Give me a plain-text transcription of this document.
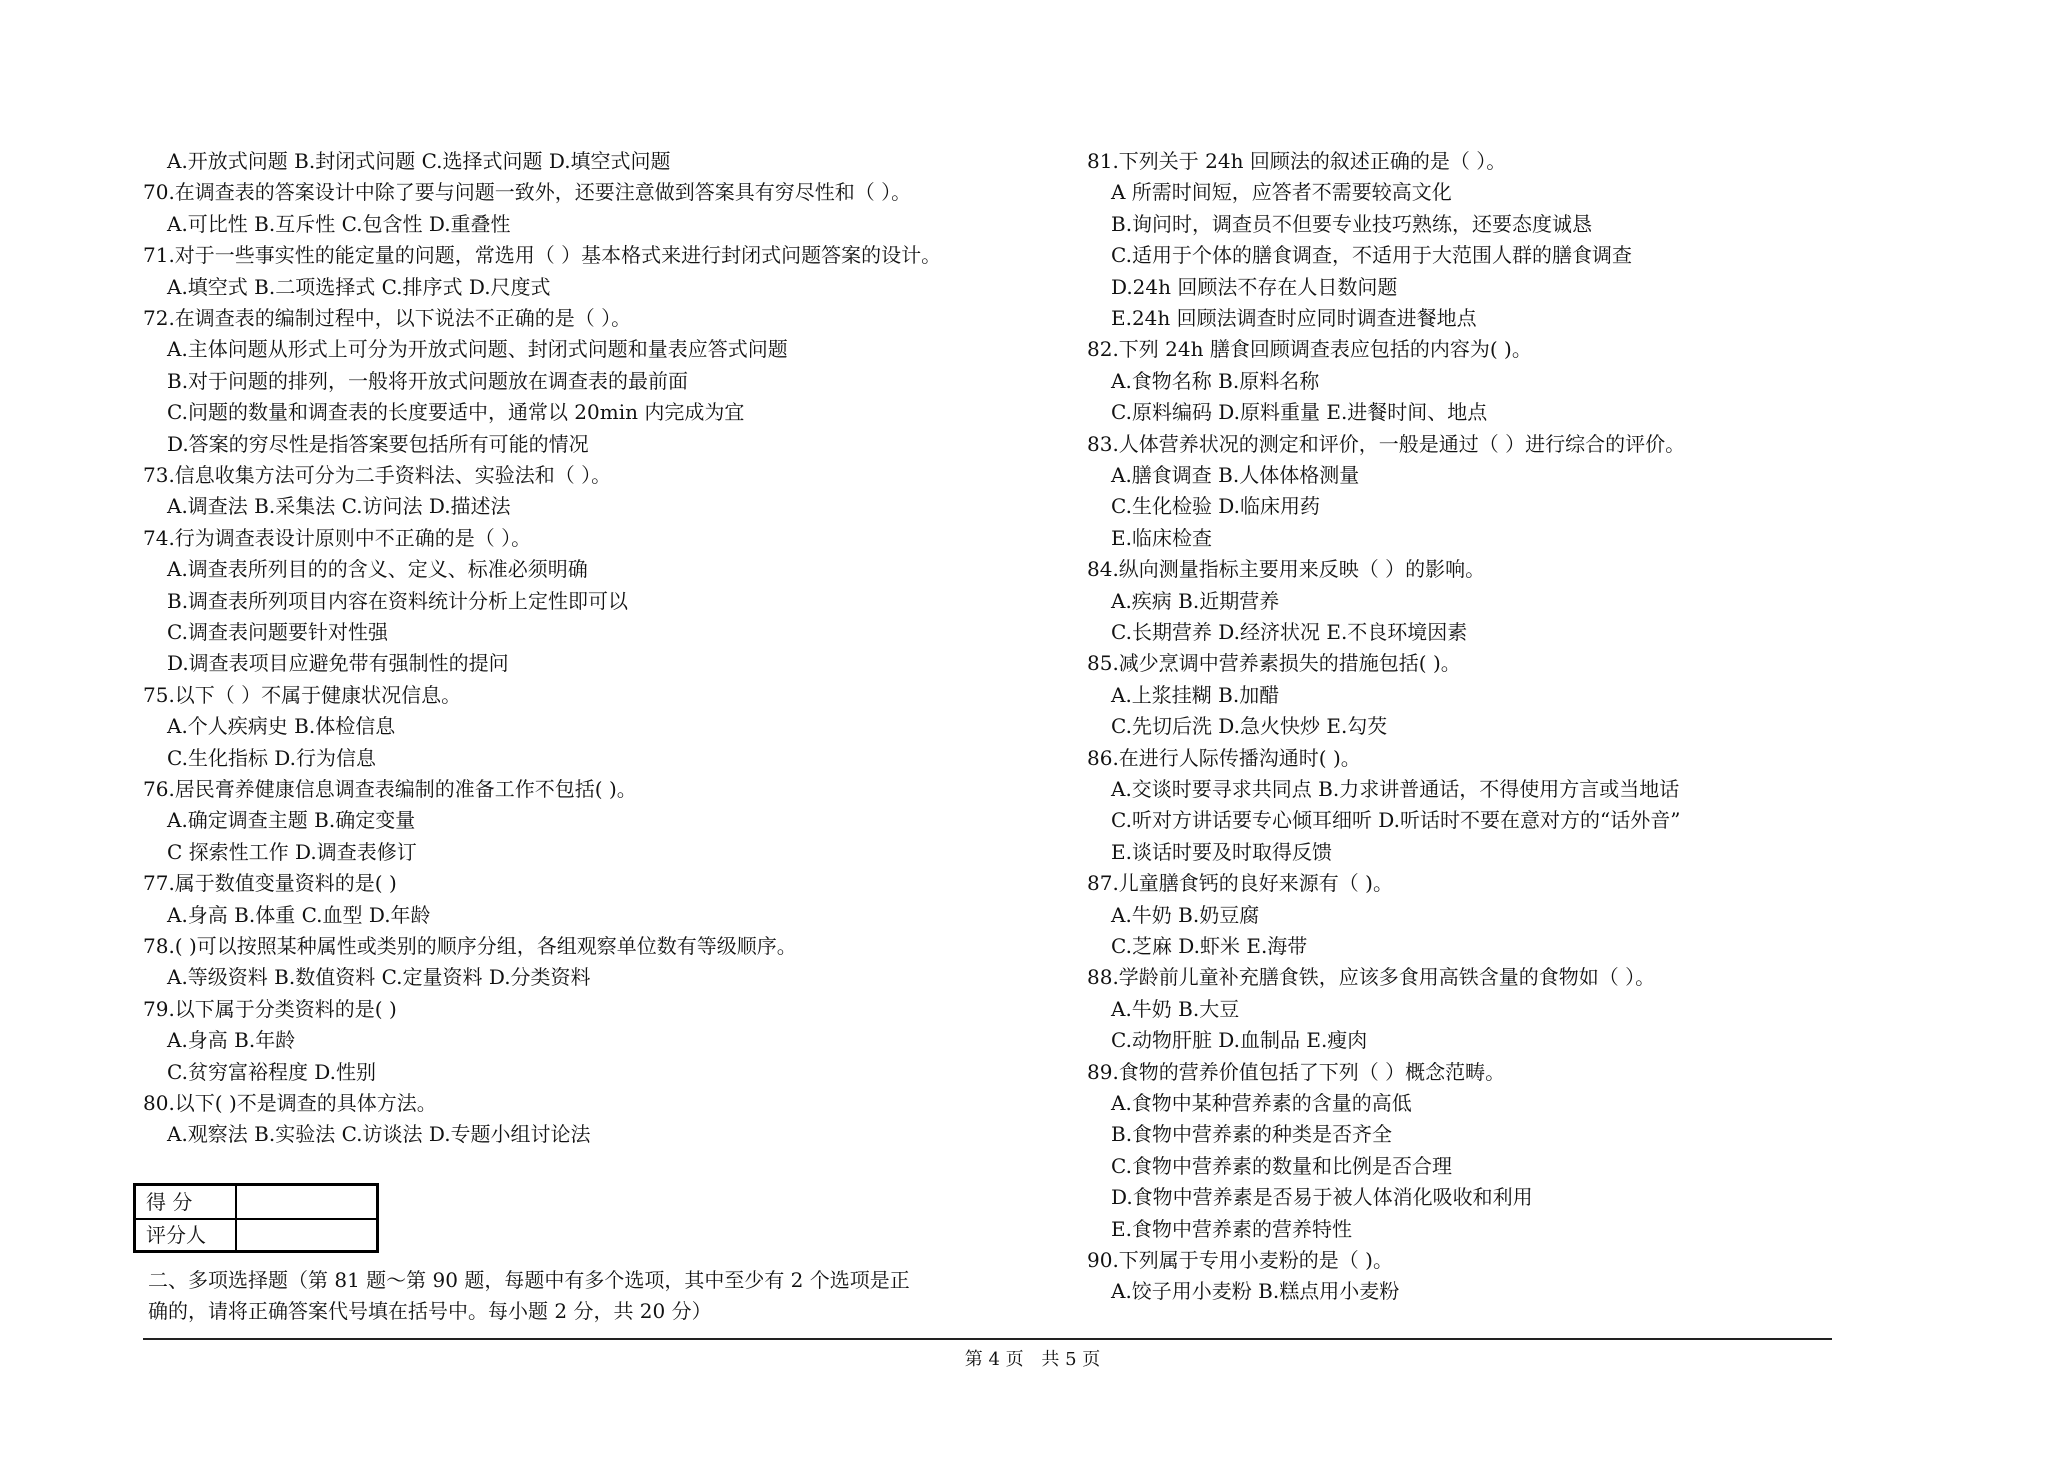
A.开放式问题 B.封闭式问题 C.选择式问题 D.填空式问题
70.在调查表的答案设计中除了要与问题一致外，还要注意做到答案具有穷尽性和（ ）。
A.可比性 B.互斥性 C.包含性 D.重叠性
71.对于一些事实性的能定量的问题，常选用（ ）基本格式来进行封闭式问题答案的设计。
A.填空式 B.二项选择式 C.排序式 D.尺度式
72.在调查表的编制过程中，以下说法不正确的是（ ）。
A.主体问题从形式上可分为开放式问题、封闭式问题和量表应答式问题
B.对于问题的排列，一般将开放式问题放在调查表的最前面
C.问题的数量和调查表的长度要适中，通常以 20min 内完成为宜
D.答案的穷尽性是指答案要包括所有可能的情况
73.信息收集方法可分为二手资料法、实验法和（ ）。
A.调查法 B.采集法 C.访问法 D.描述法
74.行为调查表设计原则中不正确的是（ ）。
A.调查表所列目的的含义、定义、标准必须明确
B.调查表所列项目内容在资料统计分析上定性即可以
C.调查表问题要针对性强
D.调查表项目应避免带有强制性的提问
75.以下（ ）不属于健康状况信息。
A.个人疾病史 B.体检信息
C.生化指标 D.行为信息
76.居民膏养健康信息调查表编制的准备工作不包括( )。
A.确定调查主题 B.确定变量
C 探索性工作 D.调查表修订
77.属于数值变量资料的是( )
A.身高 B.体重 C.血型 D.年龄
78.( )可以按照某种属性或类别的顺序分组，各组观察单位数有等级顺序。
A.等级资料 B.数值资料 C.定量资料 D.分类资料
79.以下属于分类资料的是( )
A.身高 B.年龄
C.贫穷富裕程度 D.性别
80.以下( )不是调查的具体方法。
A.观察法 B.实验法 C.访谈法 D.专题小组讨论法
81.下列关于 24h 回顾法的叙述正确的是（ ）。
A 所需时间短，应答者不需要较高文化
B.询问时，调查员不但要专业技巧熟练，还要态度诚恳
C.适用于个体的膳食调查，不适用于大范围人群的膳食调查
D.24h 回顾法不存在人日数问题
E.24h 回顾法调查时应同时调查进餐地点
82.下列 24h 膳食回顾调查表应包括的内容为( )。
A.食物名称 B.原料名称
C.原料编码 D.原料重量 E.进餐时间、地点
83.人体营养状况的测定和评价，一般是通过（ ）进行综合的评价。
A.膳食调查 B.人体体格测量
C.生化检验 D.临床用药
E.临床检查
84.纵向测量指标主要用来反映（ ）的影响。
A.疾病 B.近期营养
C.长期营养 D.经济状况 E.不良环境因素
85.减少烹调中营养素损失的措施包括( )。
A.上浆挂糊 B.加醋
C.先切后洗 D.急火快炒 E.勾芡
86.在进行人际传播沟通时( )。
A.交谈时要寻求共同点 B.力求讲普通话，不得使用方言或当地话
C.听对方讲话要专心倾耳细听 D.听话时不要在意对方的“话外音”
E.谈话时要及时取得反馈
87.儿童膳食钙的良好来源有（ )。
A.牛奶 B.奶豆腐
C.芝麻 D.虾米 E.海带
88.学龄前儿童补充膳食铁，应该多食用高铁含量的食物如（ ）。
A.牛奶 B.大豆
C.动物肝脏 D.血制品 E.瘦肉
89.食物的营养价值包括了下列（ ）概念范畴。
A.食物中某种营养素的含量的高低
B.食物中营养素的种类是否齐全
C.食物中营养素的数量和比例是否合理
D.食物中营养素是否易于被人体消化吸收和利用
E.食物中营养素的营养特性
90.下列属于专用小麦粉的是（ )。
A.饺子用小麦粉 B.糕点用小麦粉
得 分
评分人
二、多项选择题（第 81 题～第 90 题，每题中有多个选项，其中至少有 2 个选项是正
确的，请将正确答案代号填在括号中。每小题 2 分，共 20 分）
第 4 页 共 5 页
